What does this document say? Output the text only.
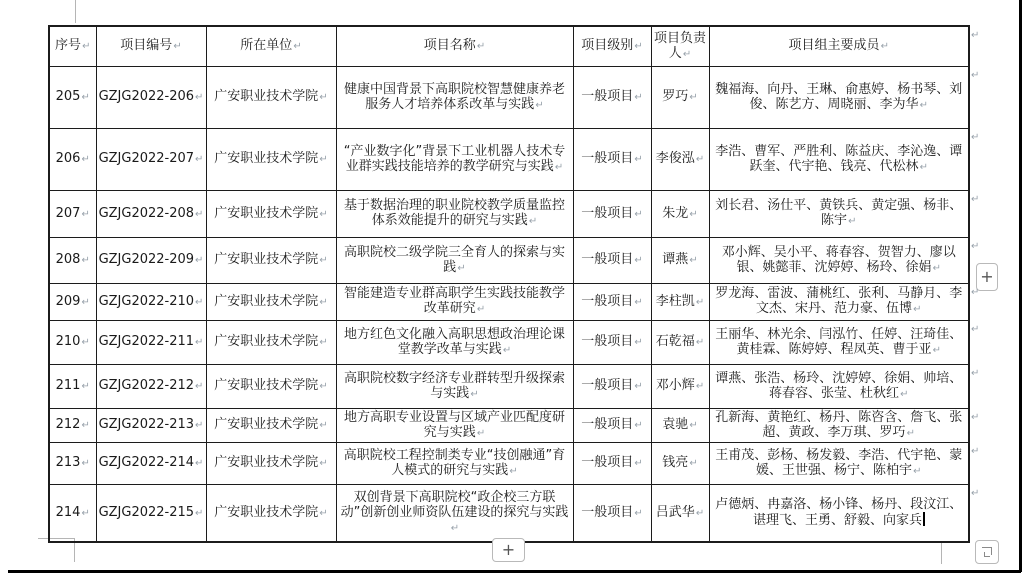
序号↵	项目编号↵	所在单位↵	项目名称↵	项目级别↵	项目负责人↵	项目组主要成员↵
205↵	GZJG2022-206↵	广安职业技术学院↵	健康中国背景下高职院校智慧健康养老服务人才培养体系改革与实践↵	一般项目↵	罗巧↵	魏福海、向丹、王琳、俞惠婷、杨书琴、刘俊、陈艺方、周晓丽、李为华↵
206↵	GZJG2022-207↵	广安职业技术学院↵	“产业数字化”背景下工业机器人技术专业群实践技能培养的教学研究与实践↵	一般项目↵	李俊泓↵	李浩、曹军、严胜利、陈益庆、李沁逸、谭跃奎、代宇艳、钱亮、代松林↵
207↵	GZJG2022-208↵	广安职业技术学院↵	基于数据治理的职业院校教学质量监控体系效能提升的研究与实践↵	一般项目↵	朱龙↵	刘长君、汤仕平、黄铁兵、黄定强、杨非、陈宇↵
208↵	GZJG2022-209↵	广安职业技术学院↵	高职院校二级学院三全育人的探索与实践↵	一般项目↵	谭燕↵	邓小辉、吴小平、蒋春容、贺智力、廖以银、姚懿菲、沈婷婷、杨玲、徐娟↵
209↵	GZJG2022-210↵	广安职业技术学院↵	智能建造专业群高职学生实践技能教学改革研究↵	一般项目↵	李柱凯↵	罗龙海、雷波、蒲桃红、张利、马静月、李文杰、宋丹、范力豪、伍博↵
210↵	GZJG2022-211↵	广安职业技术学院↵	地方红色文化融入高职思想政治理论课堂教学改革与实践↵	一般项目↵	石乾福↵	王丽华、林光余、闫泓竹、任婷、汪琦佳、黄桂霖、陈婷婷、程凤英、曹于亚↵
211↵	GZJG2022-212↵	广安职业技术学院↵	高职院校数字经济专业群转型升级探索与实践↵	一般项目↵	邓小辉↵	谭燕、张浩、杨玲、沈婷婷、徐娟、帅培、蒋春容、张莹、杜秋红↵
212↵	GZJG2022-213↵	广安职业技术学院↵	地方高职专业设置与区域产业匹配度研究与实践↵	一般项目↵	袁驰↵	孔新海、黄艳红、杨丹、陈咨含、詹飞、张超、黄政、李万琪、罗巧↵
213↵	GZJG2022-214↵	广安职业技术学院↵	高职院校工程控制类专业“技创融通”育人模式的研究与实践↵	一般项目↵	钱亮↵	王甫茂、彭杨、杨发毅、李浩、代宇艳、蒙媛、王世强、杨宁、陈柏宇↵
214↵	GZJG2022-215↵	广安职业技术学院↵	双创背景下高职院校“政企校三方联动”创新创业师资队伍建设的探究与实践↵	一般项目↵	吕武华↵	卢德炳、冉嘉洛、杨小锋、杨丹、段汶江、谌理飞、王勇、舒毅、向家兵
+
+
↵
↵
↵
↵
↵
↵
↵
↵
↵
↵
↵
